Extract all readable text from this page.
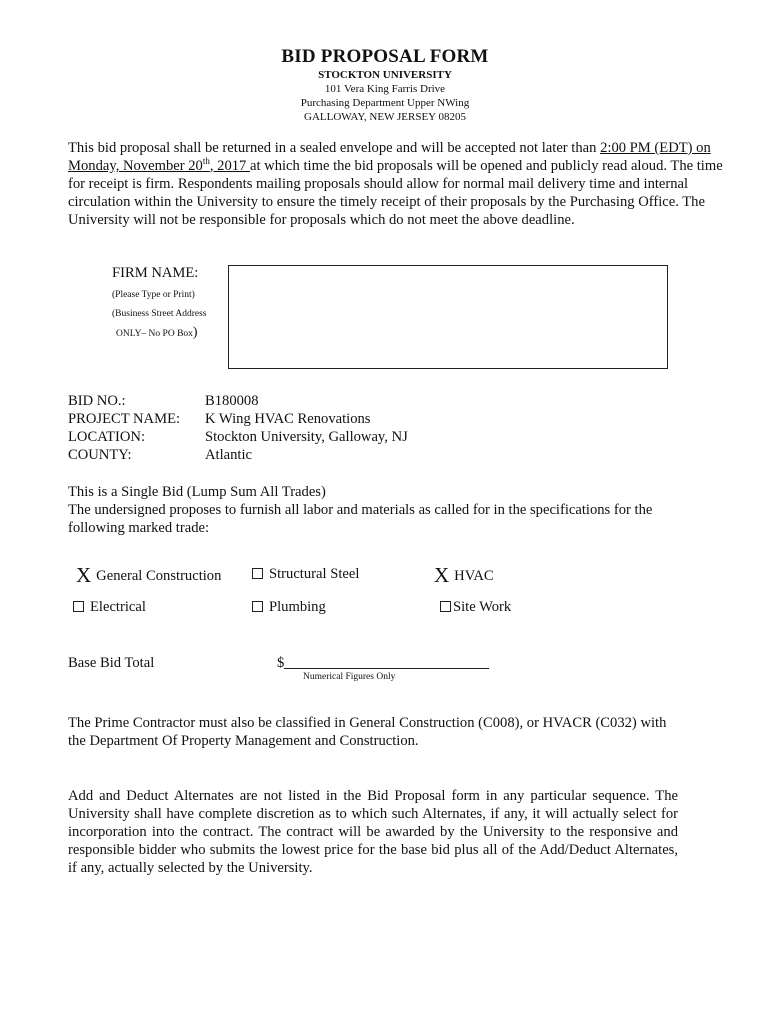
BID PROPOSAL FORM
STOCKTON UNIVERSITY
101 Vera King Farris Drive
Purchasing Department Upper NWing
GALLOWAY, NEW JERSEY 08205
This bid proposal shall be returned in a sealed envelope and will be accepted not later than 2:00 PM (EDT) on Monday, November 20th, 2017 at which time the bid proposals will be opened and publicly read aloud. The time for receipt is firm. Respondents mailing proposals should allow for normal mail delivery time and internal circulation within the University to ensure the timely receipt of their proposals by the Purchasing Office. The University will not be responsible for proposals which do not meet the above deadline.
FIRM NAME:
(Please Type or Print)
(Business Street Address
ONLY– No PO Box)
BID NO.:	B180008
PROJECT NAME: K Wing HVAC Renovations
LOCATION:	Stockton University, Galloway, NJ
COUNTY:	Atlantic
This is a Single Bid (Lump Sum All Trades)
The undersigned proposes to furnish all labor and materials as called for in the specifications for the following marked trade:
X General Construction	Structural Steel	X HVAC
Electrical	Plumbing	Site Work
Base Bid Total	$
Numerical Figures Only
The Prime Contractor must also be classified in General Construction (C008), or HVACR (C032) with the Department Of Property Management and Construction.
Add and Deduct Alternates are not listed in the Bid Proposal form in any particular sequence. The University shall have complete discretion as to which such Alternates, if any, it will actually select for incorporation into the contract. The contract will be awarded by the University to the responsive and responsible bidder who submits the lowest price for the base bid plus all of the Add/Deduct Alternates, if any, actually selected by the University.
